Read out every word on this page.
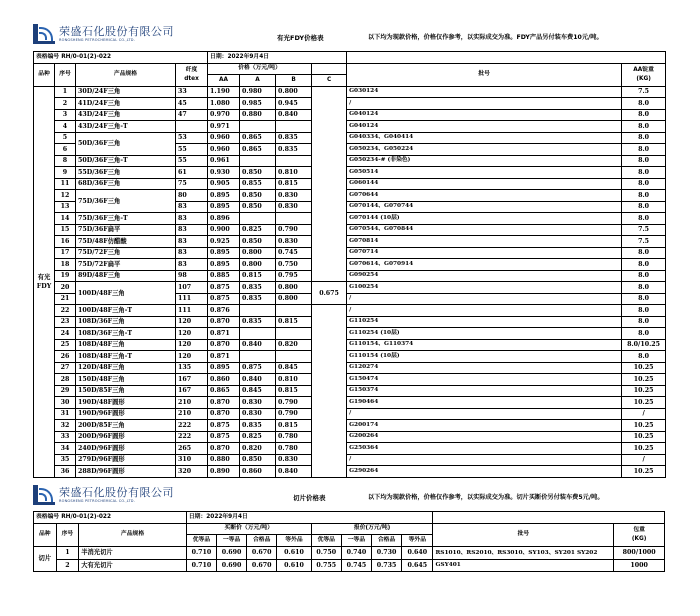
荣盛石化股份有限公司
RONGSHENG PETROCHEMICAL CO.,LTD.	有光FDY价格表	以下均为现款价格，价格仅作参考，以实际成交为准。FDY产品另付装车费10元/吨。
表格编号 RH/0-01(2)-022				日期：2022年9月4日					
品种	序号	产品规格	纤度
dtex	价格（万元/吨）				批号	AA锭重
(KG)
				AA	A	B	C		
有光
FDY	1	30D/24F三角	33	1.190	0.980	0.800		G030124	7.5
	2	41D/24F三角	45	1.080	0.985	0.945		/	8.0
	3	43D/24F三角	47	0.970	0.880	0.840		G040124	8.0
	4	43D/24F三角-T		0.971				G040124	8.0
	5	50D/36F三角	53	0.960	0.865	0.835		G040334、G040414	8.0
	6		55	0.960	0.865	0.835		G050234、G050224	8.0
	8	50D/36F三角-T	55	0.961				G050234-# (非染色)	8.0
	9	55D/36F三角	61	0.930	0.850	0.810		G050514	8.0
	11	68D/36F三角	75	0.905	0.855	0.815		G060144	8.0
	12	75D/36F三角	80	0.895	0.850	0.830		G070644	8.0
	13		83	0.895	0.850	0.830		G070144、G070744	8.0
	14	75D/36F三角-T	83	0.896				G070144 (10层)	8.0
	15	75D/36F扁平	83	0.900	0.825	0.790		G070544、G070844	7.5
	16	75D/48F仿醋酸	83	0.925	0.850	0.830		G070814	7.5
	17	75D/72F三角	83	0.895	0.800	0.745		G070714	8.0
	18	75D/72F扁平	83	0.895	0.800	0.750		G070614、G070914	8.0
	19	89D/48F三角	98	0.885	0.815	0.795		G090254	8.0
	20	100D/48F三角	107	0.875	0.835	0.800	0.675	G100254	8.0
	21		111	0.875	0.835	0.800		/	8.0
	22	100D/48F三角-T	111	0.876				/	8.0
	23	108D/36F三角	120	0.870	0.835	0.815		G110254	8.0
	24	108D/36F三角-T	120	0.871				G110254 (10层)	8.0
	25	108D/48F三角	120	0.870	0.840	0.820		G110154、G110374	8.0/10.25
	26	108D/48F三角-T	120	0.871				G110154 (10层)	8.0
	27	120D/48F三角	135	0.895	0.875	0.845		G120274	10.25
	28	150D/48F三角	167	0.860	0.840	0.810		G150474	10.25
	29	150D/85F三角	167	0.865	0.845	0.815		G150374	10.25
	30	190D/48F圆形	210	0.870	0.830	0.790		G190464	10.25
	31	190D/96F圆形	210	0.870	0.830	0.790		/	/
	32	200D/85F三角	222	0.875	0.835	0.815		G200174	10.25
	33	200D/96F圆形	222	0.875	0.825	0.780		G200264	10.25
	34	240D/96F圆形	265	0.870	0.820	0.780		G250364	10.25
	35	279D/96F圆形	310	0.880	0.850	0.830		/	/
	36	288D/96F圆形	320	0.890	0.860	0.840		G290264	10.25
荣盛石化股份有限公司
RONGSHENG PETROCHEMICAL CO.,LTD.	切片价格表	以下均为现款价格，价格仅作参考，以实际成交为准。切片买断价另付装车费5元/吨。
表格编号 RH/0-01(2)-022			日期：2022年9月4日									
品种	序号	产品规格	买断价（万元/吨）				报价(万元/吨)				批号	包重
(KG)
			优等品	一等品	合格品	等外品	优等品	一等品	合格品	等外品		
切片	1	半消光切片	0.710	0.690	0.670	0.610	0.750	0.740	0.730	0.640	RS1010、RS2010、RS3010、SY103、SY201 SY202	800/1000
	2	大有光切片	0.710	0.690	0.670	0.610	0.755	0.745	0.735	0.645	GSY401	1000
